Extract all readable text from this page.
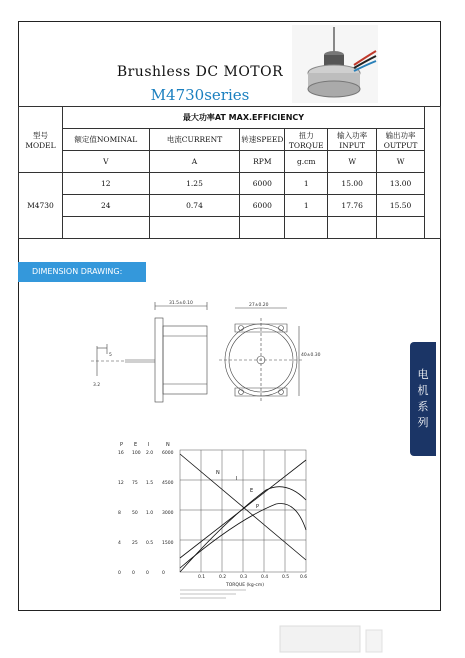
Brushless DC MOTOR
M4730series
型号MODEL	最大功率AT MAX.EFFICIENCY						
	额定值NOMINAL	电流CURRENT	转速SPEED	扭力TORQUE	输入功率 INPUT	输出功率 OUTPUT	
	V	A	RPM	g.cm	W	W	
M4730	12	1.25	6000	1	15.00	13.00	
	24	0.74	6000	1	17.76	15.50	

DIMENSION DRAWING:
31.5±0.10
5
3.2
27±0.20
40±0.30
电
机
系
列
P E I	N
16
12
8
4
0
100
75
50
25
0
2.0
1.5
1.0
0.5
0
6000
4500
3000
1500
0
N
E
P
I
0.1	0.2	0.3	0.4	0.5 0.6
TORQUE (kg-cm)
